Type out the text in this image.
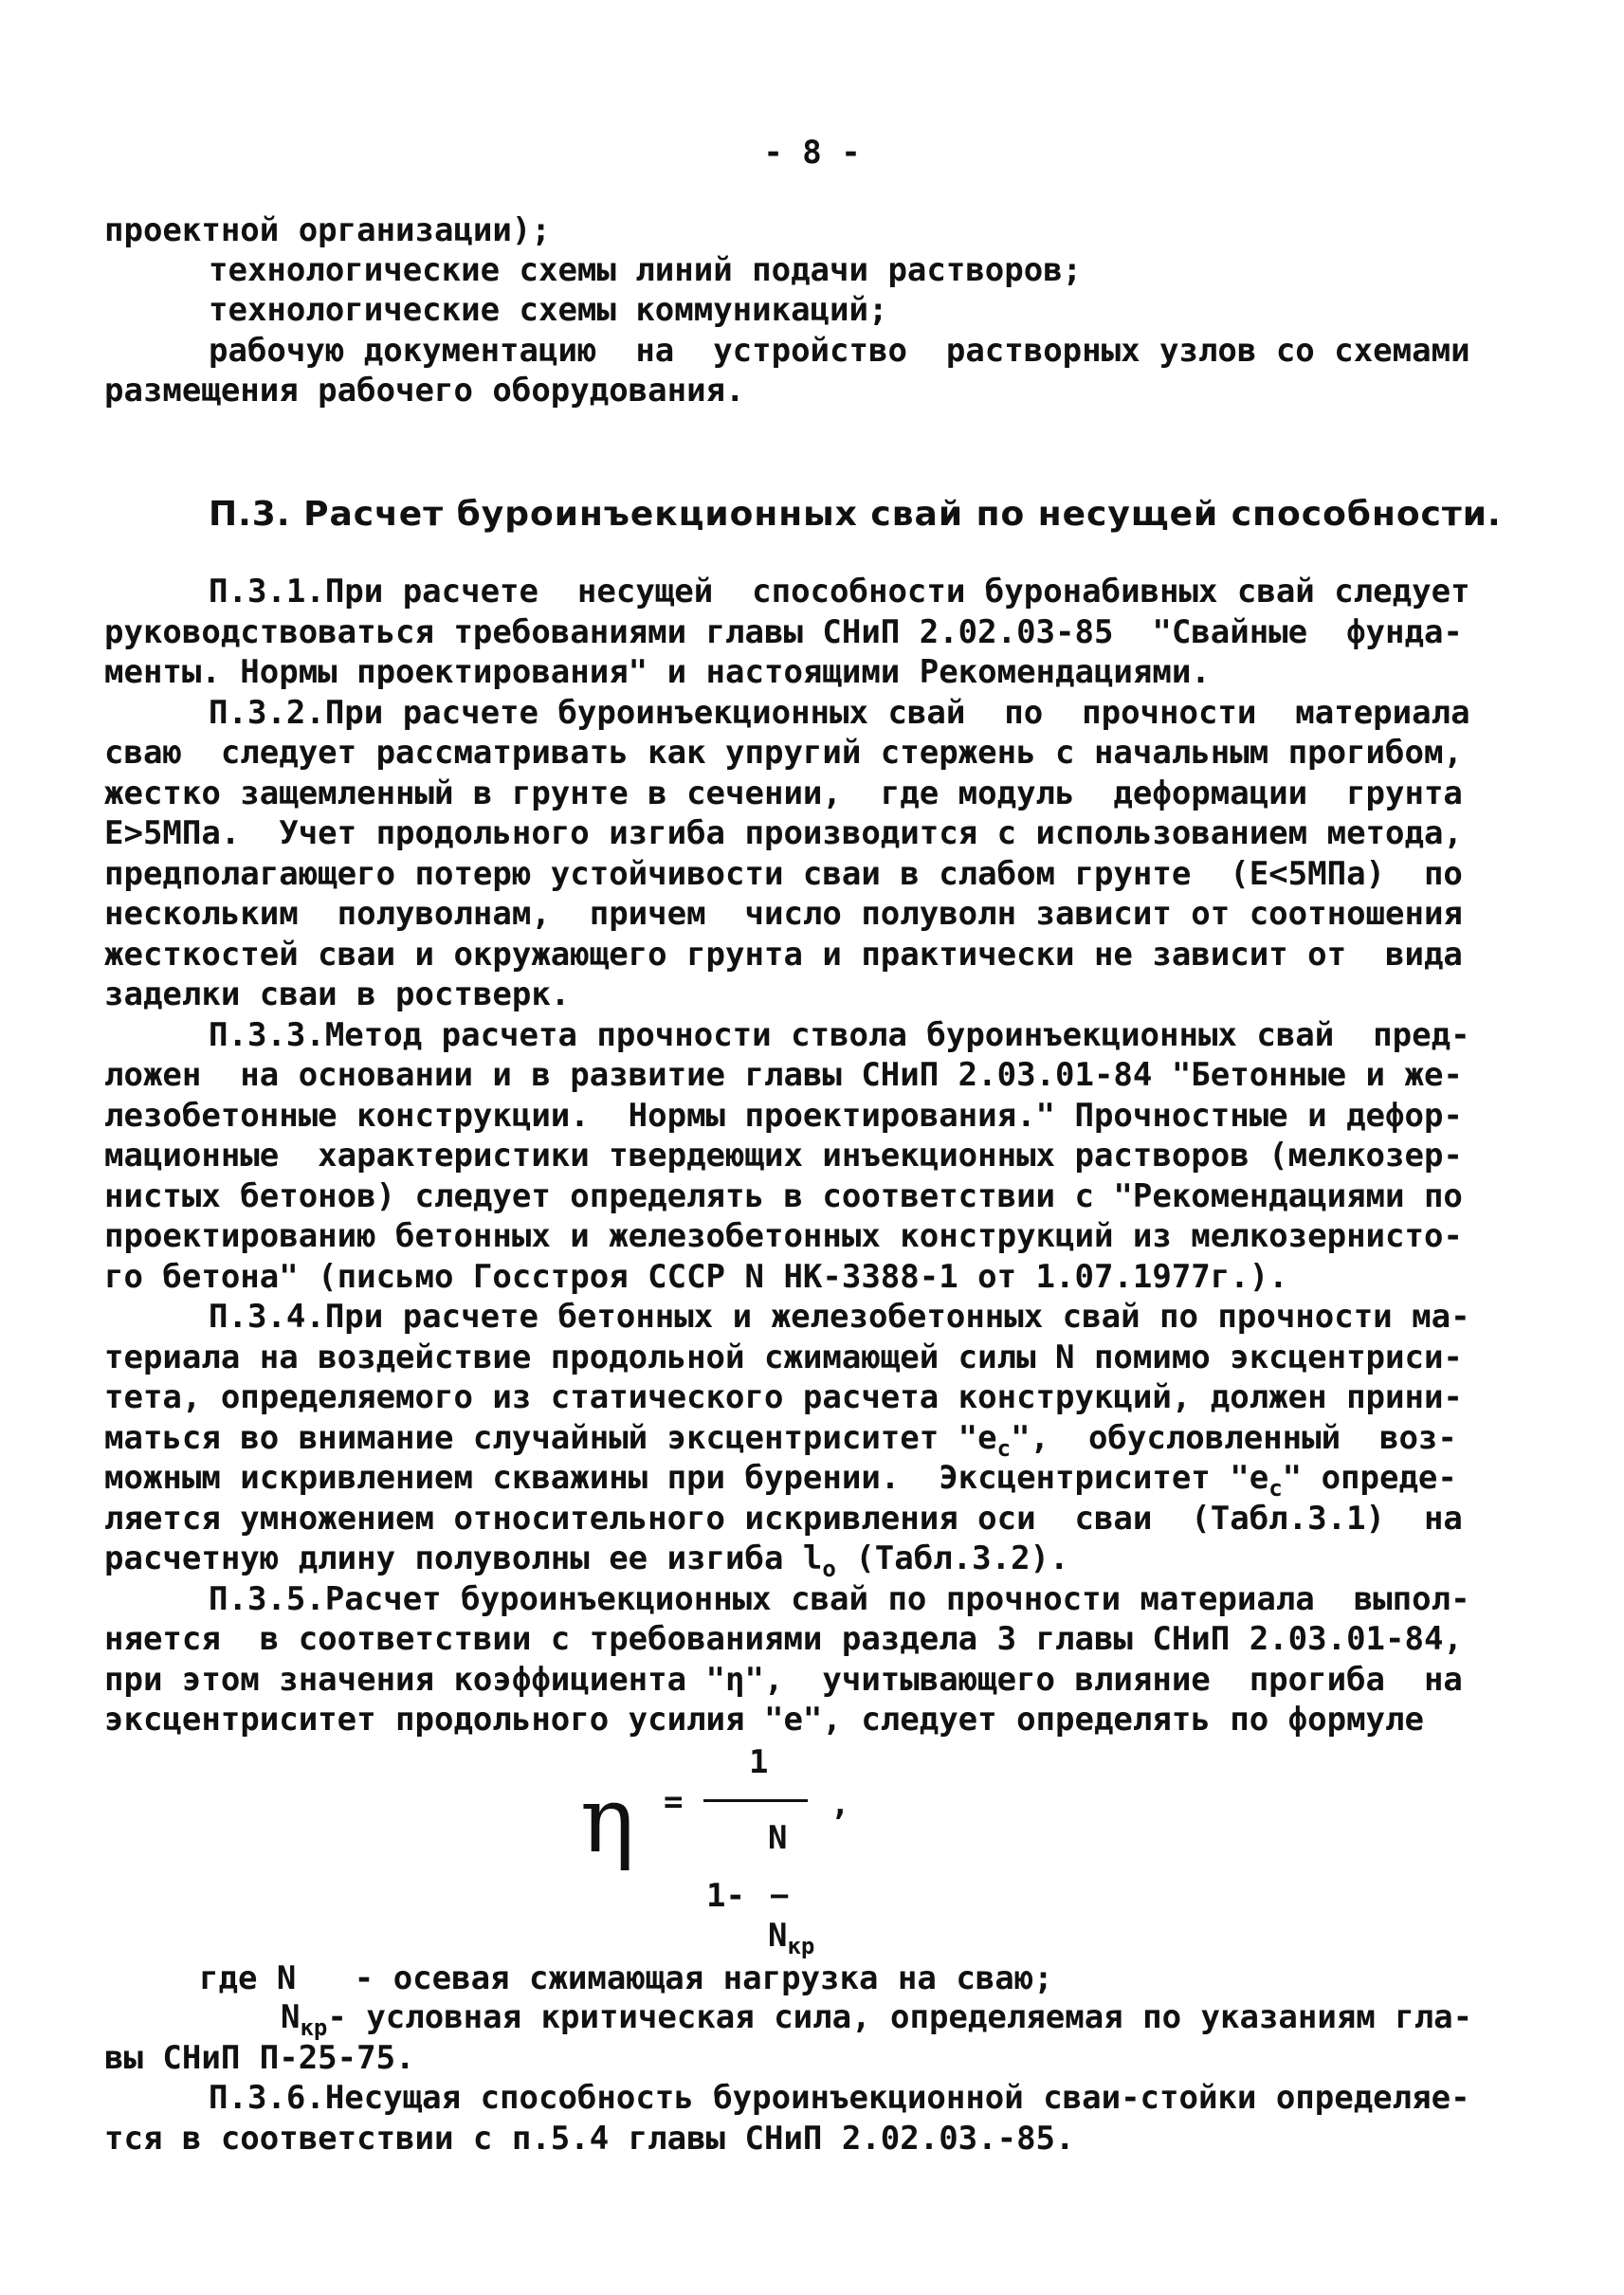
- 8 -
проектной организации);
технологические схемы линий подачи растворов;
технологические схемы коммуникаций;
рабочую документацию  на  устройство  растворных узлов со схемами
размещения рабочего оборудования.
П.3. Расчет буроинъекционных свай по несущей способности.
П.3.1.При расчете  несущей  способности буронабивных свай следует
руководствоваться требованиями главы СНиП 2.02.03-85  "Свайные  фунда-
менты. Нормы проектирования" и настоящими Рекомендациями.
П.3.2.При расчете буроинъекционных свай  по  прочности  материала
сваю  следует рассматривать как упругий стержень с начальным прогибом,
жестко защемленный в грунте в сечении,  где модуль  деформации  грунта
Е>5МПа.  Учет продольного изгиба производится с использованием метода,
предполагающего потерю устойчивости сваи в слабом грунте  (Е<5МПа)  по
нескольким  полуволнам,  причем  число полуволн зависит от соотношения
жесткостей сваи и окружающего грунта и практически не зависит от  вида
заделки сваи в ростверк.
П.3.3.Метод расчета прочности ствола буроинъекционных свай  пред-
ложен  на основании и в развитие главы СНиП 2.03.01-84 "Бетонные и же-
лезобетонные конструкции.  Нормы проектирования." Прочностные и дефор-
мационные  характеристики твердеющих инъекционных растворов (мелкозер-
нистых бетонов) следует определять в соответствии с "Рекомендациями по
проектированию бетонных и железобетонных конструкций из мелкозернисто-
го бетона" (письмо Госстроя СССР N НК-3388-1 от 1.07.1977г.).
П.3.4.При расчете бетонных и железобетонных свай по прочности ма-
териала на воздействие продольной сжимающей силы N помимо эксцентриси-
тета, определяемого из статического расчета конструкций, должен прини-
маться во внимание случайный эксцентриситет "$e_c$",  обусловленный  воз-
можным искривлением скважины при бурении.  Эксцентриситет "$e_c$" опреде-
ляется умножением относительного искривления оси  сваи  (Табл.3.1)  на
расчетную длину полуволны ее изгиба $l_o$ (Табл.3.2).
П.3.5.Расчет буроинъекционных свай по прочности материала  выпол-
няется  в соответствии с требованиями раздела 3 главы СНиП 2.03.01-84,
при этом значения коэффициента "η",  учитывающего влияние  прогиба  на
эксцентриситет продольного усилия "e", следует определять по формуле
η =
1
,
N
1- −
$N_{кр}$
где N   - осевая сжимающая нагрузка на сваю;
$N_{кр}-$ условная критическая сила, определяемая по указаниям гла-
вы СНиП П-25-75.
П.3.6.Несущая способность буроинъекционной сваи-стойки определяе-
тся в соответствии с п.5.4 главы СНиП 2.02.03.-85.
